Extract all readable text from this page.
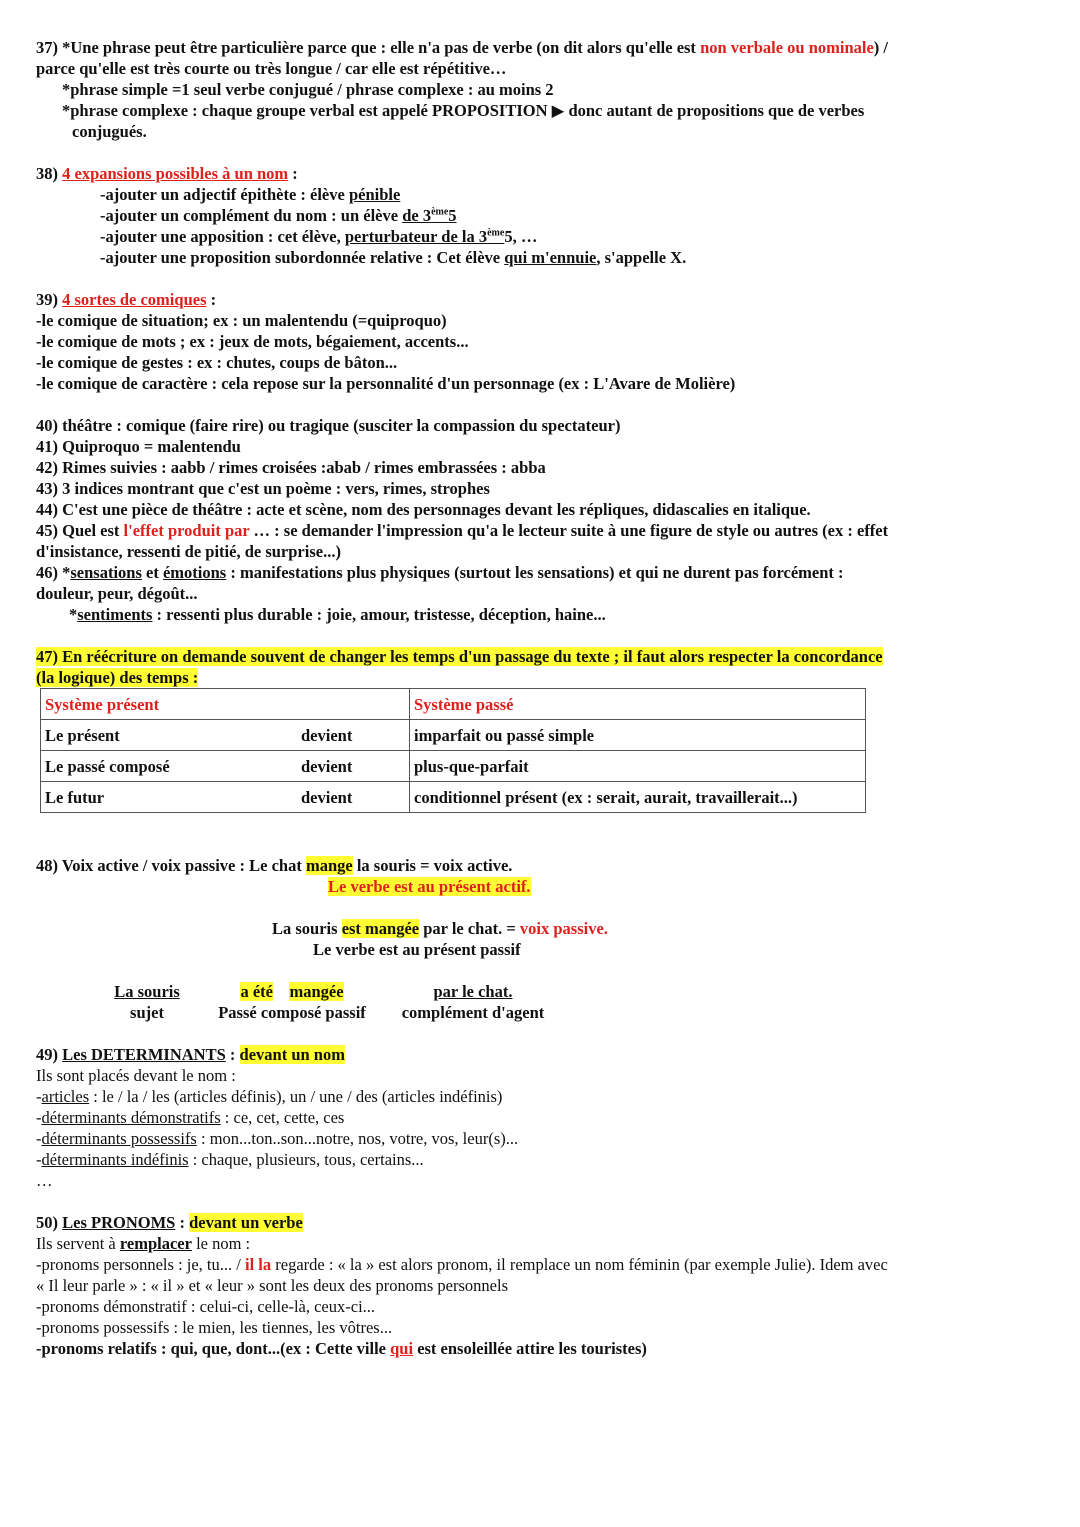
37) *Une phrase peut être particulière parce que : elle n'a pas de verbe (on dit alors qu'elle est non verbale ou nominale) /

parce qu'elle est très courte ou très longue / car elle est répétitive…

*phrase simple =1 seul verbe conjugué / phrase complexe : au moins 2

*phrase complexe : chaque groupe verbal est appelé PROPOSITION ▶ donc autant de propositions que de verbes

conjugués.

38) 4 expansions possibles à un nom :

-ajouter un adjectif épithète : élève pénible

-ajouter un complément du nom : un élève de 3ème5

-ajouter une apposition : cet élève, perturbateur de la 3ème5, …

-ajouter une proposition subordonnée relative : Cet élève qui m'ennuie, s'appelle X.

39) 4 sortes de comiques :

-le comique de situation; ex : un malentendu (=quiproquo)

-le comique de mots ; ex : jeux de mots, bégaiement, accents...

-le comique de gestes : ex : chutes, coups de bâton...

-le comique de caractère : cela repose sur la personnalité d'un personnage (ex : L'Avare de Molière)

40) théâtre : comique (faire rire) ou tragique (susciter la compassion du spectateur)

41) Quiproquo = malentendu

42) Rimes suivies : aabb / rimes croisées :abab / rimes embrassées : abba

43) 3 indices montrant que c'est un poème : vers, rimes, strophes

44) C'est une pièce de théâtre : acte et scène, nom des personnages devant les répliques, didascalies en italique.

45) Quel est l'effet produit par … : se demander l'impression qu'a le lecteur suite à une figure de style ou autres (ex : effet

d'insistance, ressenti de pitié, de surprise...)

46) *sensations et émotions : manifestations plus physiques (surtout les sensations) et qui ne durent pas forcément :

douleur, peur, dégoût...

*sentiments : ressenti plus durable : joie, amour, tristesse, déception, haine...

47) En réécriture on demande souvent de changer les temps d'un passage du texte ; il faut alors respecter la concordance

(la logique) des temps :

Système présent		Système passé
Le présent	devient	imparfait ou passé simple
Le passé composé	devient	plus-que-parfait
Le futur	devient	conditionnel présent (ex : serait, aurait, travaillerait...)

48) Voix active / voix passive : Le chat mange la souris = voix active.

Le verbe est au présent actif.

La souris est mangée par le chat. = voix passive.

Le verbe est au présent passif

La souris
sujet
a été mangée
Passé composé passif
par le chat.
complément d'agent

49) Les DETERMINANTS : devant un nom

Ils sont placés devant le nom :

-articles : le / la / les (articles définis), un / une / des (articles indéfinis)

-déterminants démonstratifs : ce, cet, cette, ces

-déterminants possessifs : mon...ton..son...notre, nos, votre, vos, leur(s)...

-déterminants indéfinis : chaque, plusieurs, tous, certains...

…

50) Les PRONOMS : devant un verbe

Ils servent à remplacer le nom :

-pronoms personnels : je, tu... / il la regarde : « la » est alors pronom, il remplace un nom féminin (par exemple Julie). Idem avec

« Il leur parle » : « il » et « leur » sont les deux des pronoms personnels

-pronoms démonstratif : celui-ci, celle-là, ceux-ci...

-pronoms possessifs : le mien, les tiennes, les vôtres...

-pronoms relatifs : qui, que, dont...(ex : Cette ville qui est ensoleillée attire les touristes)
